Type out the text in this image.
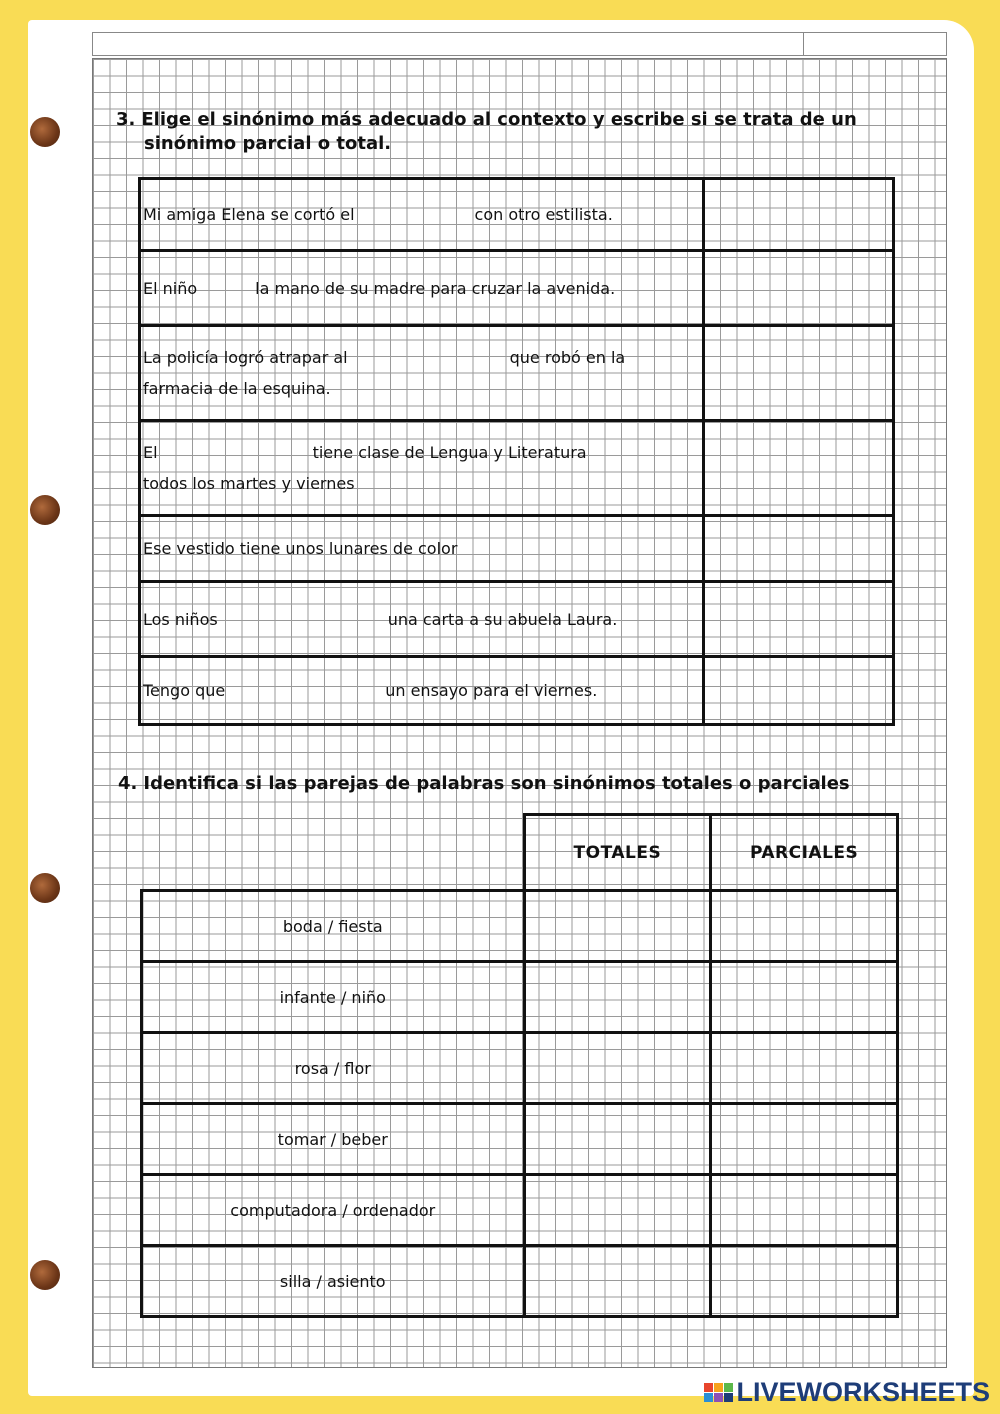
3. Elige el sinónimo más adecuado al contexto y escribe si se trata de un
sinónimo parcial o total.
Mi amiga Elena se cortó el con otro estilista.	
El niño la mano de su madre para cruzar la avenida.	
La policía logró atrapar al que robó en la
farmacia de la esquina.	
El tiene clase de Lengua y Literatura
todos los martes y viernes	
Ese vestido tiene unos lunares de color	
Los niños una carta a su abuela Laura.	
Tengo que un ensayo para el viernes.	
4. Identifica si las parejas de palabras son sinónimos totales o parciales
	TOTALES	PARCIALES
boda / fiesta		
infante / niño		
rosa / flor		
tomar / beber		
computadora / ordenador		
silla / asiento		
LIVEWORKSHEETS
